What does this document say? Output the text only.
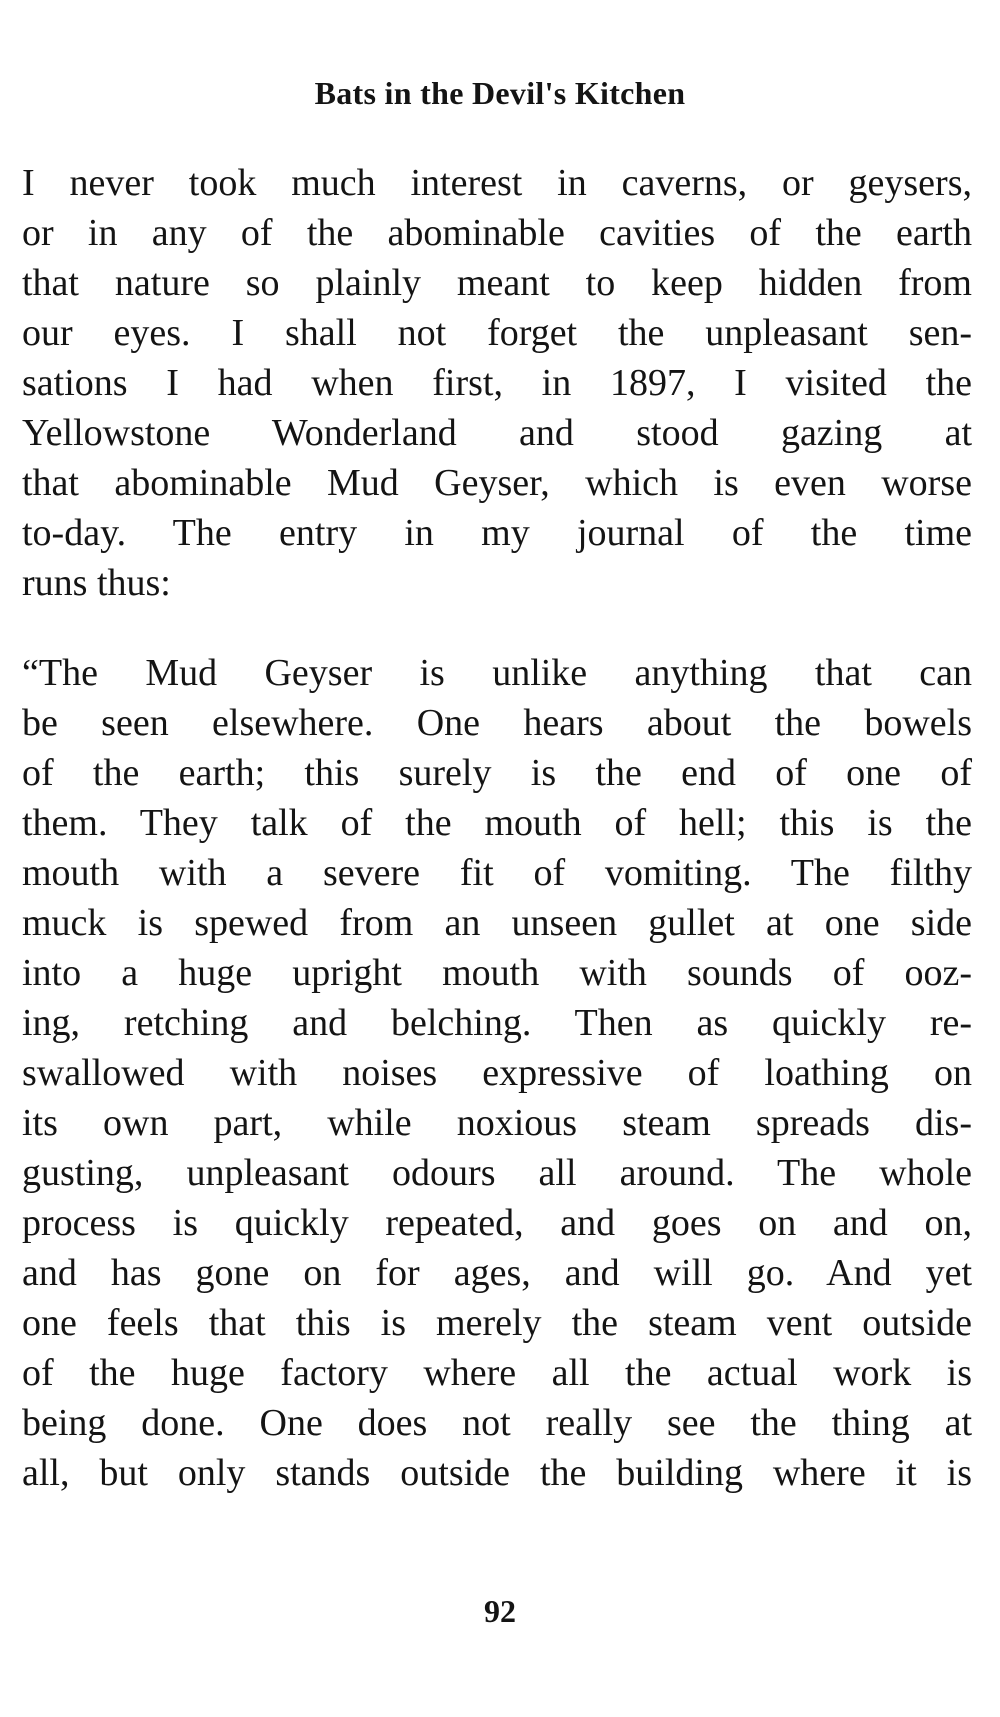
Bats in the Devil's Kitchen
I never took much interest in caverns, or geysers,
or in any of the abominable cavities of the earth
that nature so plainly meant to keep hidden from
our eyes. I shall not forget the unpleasant sen-
sations I had when first, in 1897, I visited the
Yellowstone Wonderland and stood gazing at
that abominable Mud Geyser, which is even worse
to-day. The entry in my journal of the time
runs thus:
“The Mud Geyser is unlike anything that can
be seen elsewhere. One hears about the bowels
of the earth; this surely is the end of one of
them. They talk of the mouth of hell; this is the
mouth with a severe fit of vomiting. The filthy
muck is spewed from an unseen gullet at one side
into a huge upright mouth with sounds of ooz-
ing, retching and belching. Then as quickly re-
swallowed with noises expressive of loathing on
its own part, while noxious steam spreads dis-
gusting, unpleasant odours all around. The whole
process is quickly repeated, and goes on and on,
and has gone on for ages, and will go. And yet
one feels that this is merely the steam vent outside
of the huge factory where all the actual work is
being done. One does not really see the thing at
all, but only stands outside the building where it is
92
